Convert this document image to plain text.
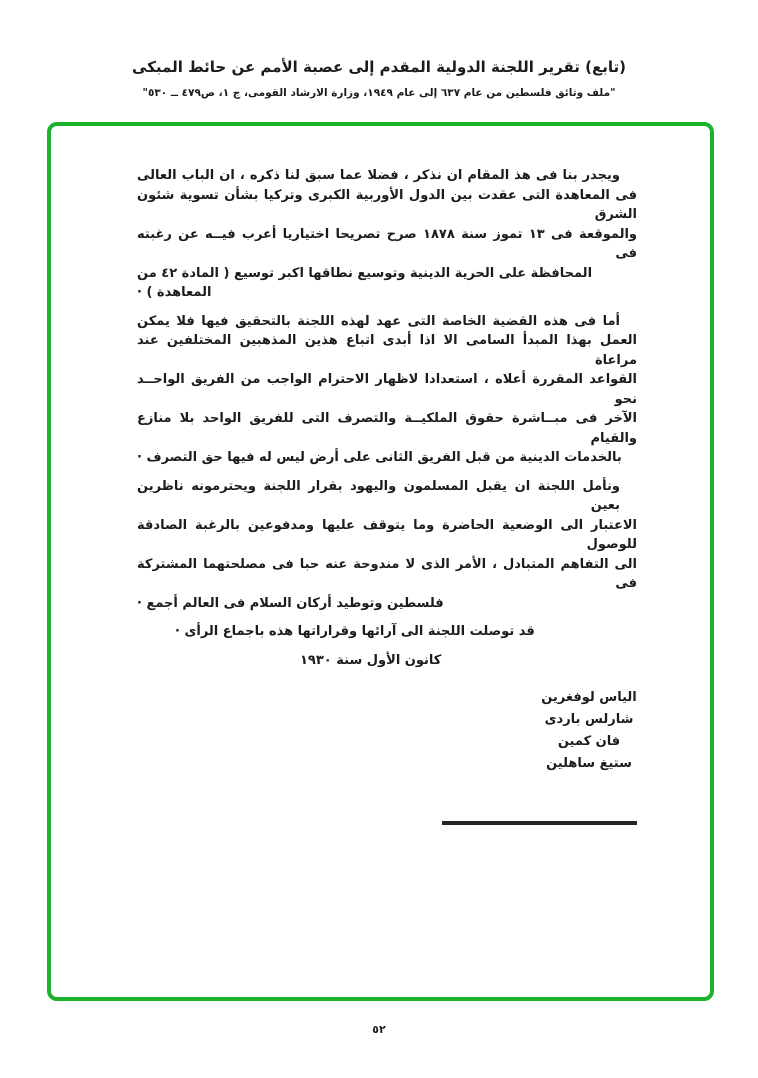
(تابع) تقرير اللجنة الدولية المقدم إلى عصبة الأمم عن حائط المبكى
"ملف وثائق فلسطين من عام ٦٣٧ إلى عام ١٩٤٩، وزارة الارشاد القومى، ج ١، ص٤٧٩ ــ ٥٣٠"
ويجدر بنا فى هذ المقام ان نذكر ، فضلا عما سبق لنا ذكره ، ان الباب العالى
فى المعاهدة التى عقدت بين الدول الأوربية الكبرى وتركيا بشأن تسوية شئون الشرق
والموقعة فى ١٣ تموز سنة ١٨٧٨ صرح تصريحا اختياريا أعرب فيــه عن رغبته فى
المحافظة على الحرية الدينية وتوسيع نطاقها اكبر توسيع ( المادة ٤٢ من المعاهدة ) ·
أما فى هذه القضية الخاصة التى عهد لهذه اللجنة بالتحقيق فيها فلا يمكن
العمل بهذا المبدأ السامى الا اذا أبدى اتباع هذين المذهبين المختلفين عند مراعاة
القواعد المقررة أعلاه ، استعدادا لاظهار الاحترام الواجب من الفريق الواحــد نحو
الآخر فى مبــاشرة حقوق الملكيــة والتصرف التى للفريق الواحد بلا منازع والقيام
بالخدمات الدينية من قبل الفريق الثانى على أرض ليس له فيها حق التصرف ·
ونأمل اللجنة ان يقبل المسلمون واليهود بقرار اللجنة ويحترمونه ناظرين بعين
الاعتبار الى الوضعية الحاضرة وما يتوقف عليها ومدفوعين بالرغبة الصادقة للوصول
الى التفاهم المتبادل ، الأمر الذى لا مندوحة عنه حبا فى مصلحتهما المشتركة فى
فلسطين وتوطيد أركان السلام فى العالم أجمع ·
قد توصلت اللجنة الى آرائها وقراراتها هذه باجماع الرأى ·
كانون الأول سنة ١٩٣٠
الياس لوفغرين
شارلس باردى
فان كمين
ستيغ ساهلين
٥٢
